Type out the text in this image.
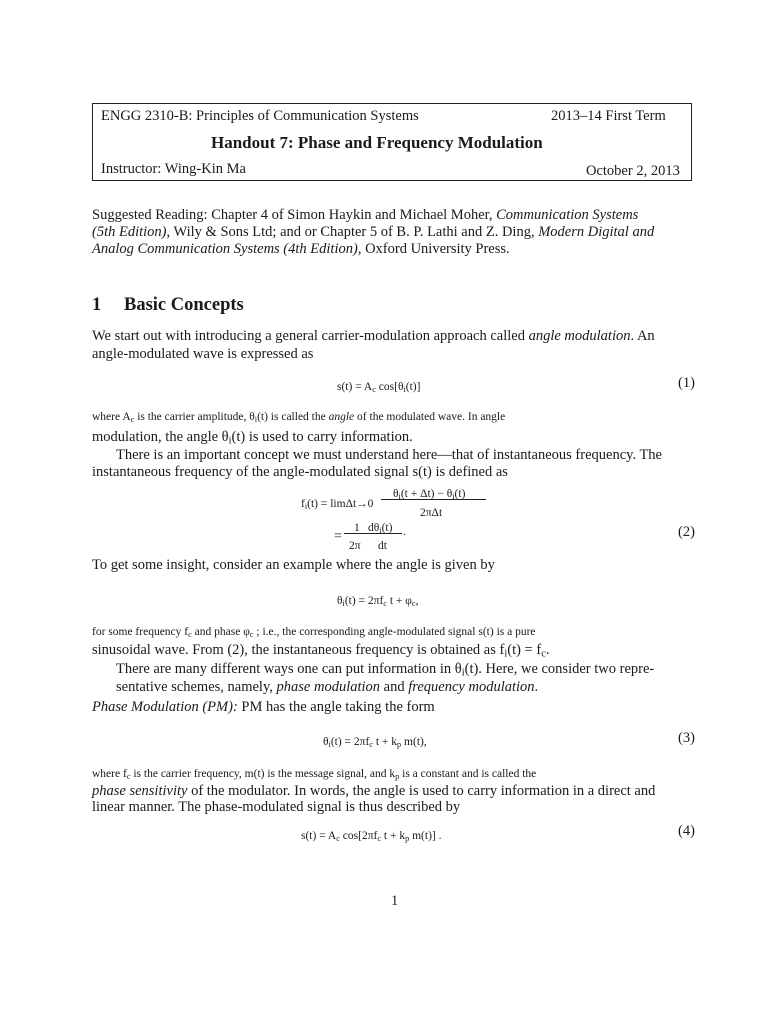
ENGG 2310-B: Principles of Communication Systems	2013–14 First Term
Handout 7: Phase and Frequency Modulation
Instructor: Wing-Kin Ma	October 2, 2013
Suggested Reading: Chapter 4 of Simon Haykin and Michael Moher, Communication Systems
(5th Edition), Wily & Sons Ltd; and or Chapter 5 of B. P. Lathi and Z. Ding, Modern Digital and
Analog Communication Systems (4th Edition), Oxford University Press.
1 Basic Concepts
We start out with introducing a general carrier-modulation approach called angle modulation. An
angle-modulated wave is expressed as
$s(t) = A_c$ $\cos[\theta_i(t)]$	(1)
where $A_c$ is the carrier amplitude, $\theta_i(t)$ is called the angle of the modulated wave. In angle
modulation, the angle $\theta_i(t)$ is used to carry information.
There is an important concept we must understand here—that of instantaneous frequency. The
instantaneous frequency of the angle-modulated signal s(t) is defined as
$f_i(t) = \lim\Delta t\to 0$
$\theta_i(t + \Delta t) - \theta_i(t)$
2πΔt
=
1 $d\theta_i(t)$ .
2π dt
(2)
To get some insight, consider an example where the angle is given by
$\theta_i(t) = 2\pi f_c$ $t + \varphi_c$,
for some frequency $f_c$ and phase $\varphi_c$ ; i.e., the corresponding angle-modulated signal s(t) is a pure
sinusoidal wave. From (2), the instantaneous frequency is obtained as $f_i(t) = f_c$.
There are many different ways one can put information in $\theta_i(t)$. Here, we consider two repre-
sentative schemes, namely, phase modulation and frequency modulation.
Phase Modulation (PM): PM has the angle taking the form
$\theta_i(t) = 2\pi f_c$ $t + k_p$ m(t),	(3)
where $f_c$ is the carrier frequency, m(t) is the message signal, and $k_p$ is a constant and is called the
phase sensitivity of the modulator. In words, the angle is used to carry information in a direct and
linear manner. The phase-modulated signal is thus described by
$s(t) = A_c$ $\cos[2\pi f_c$ $t + k_p$ m(t)] .	(4)
1
